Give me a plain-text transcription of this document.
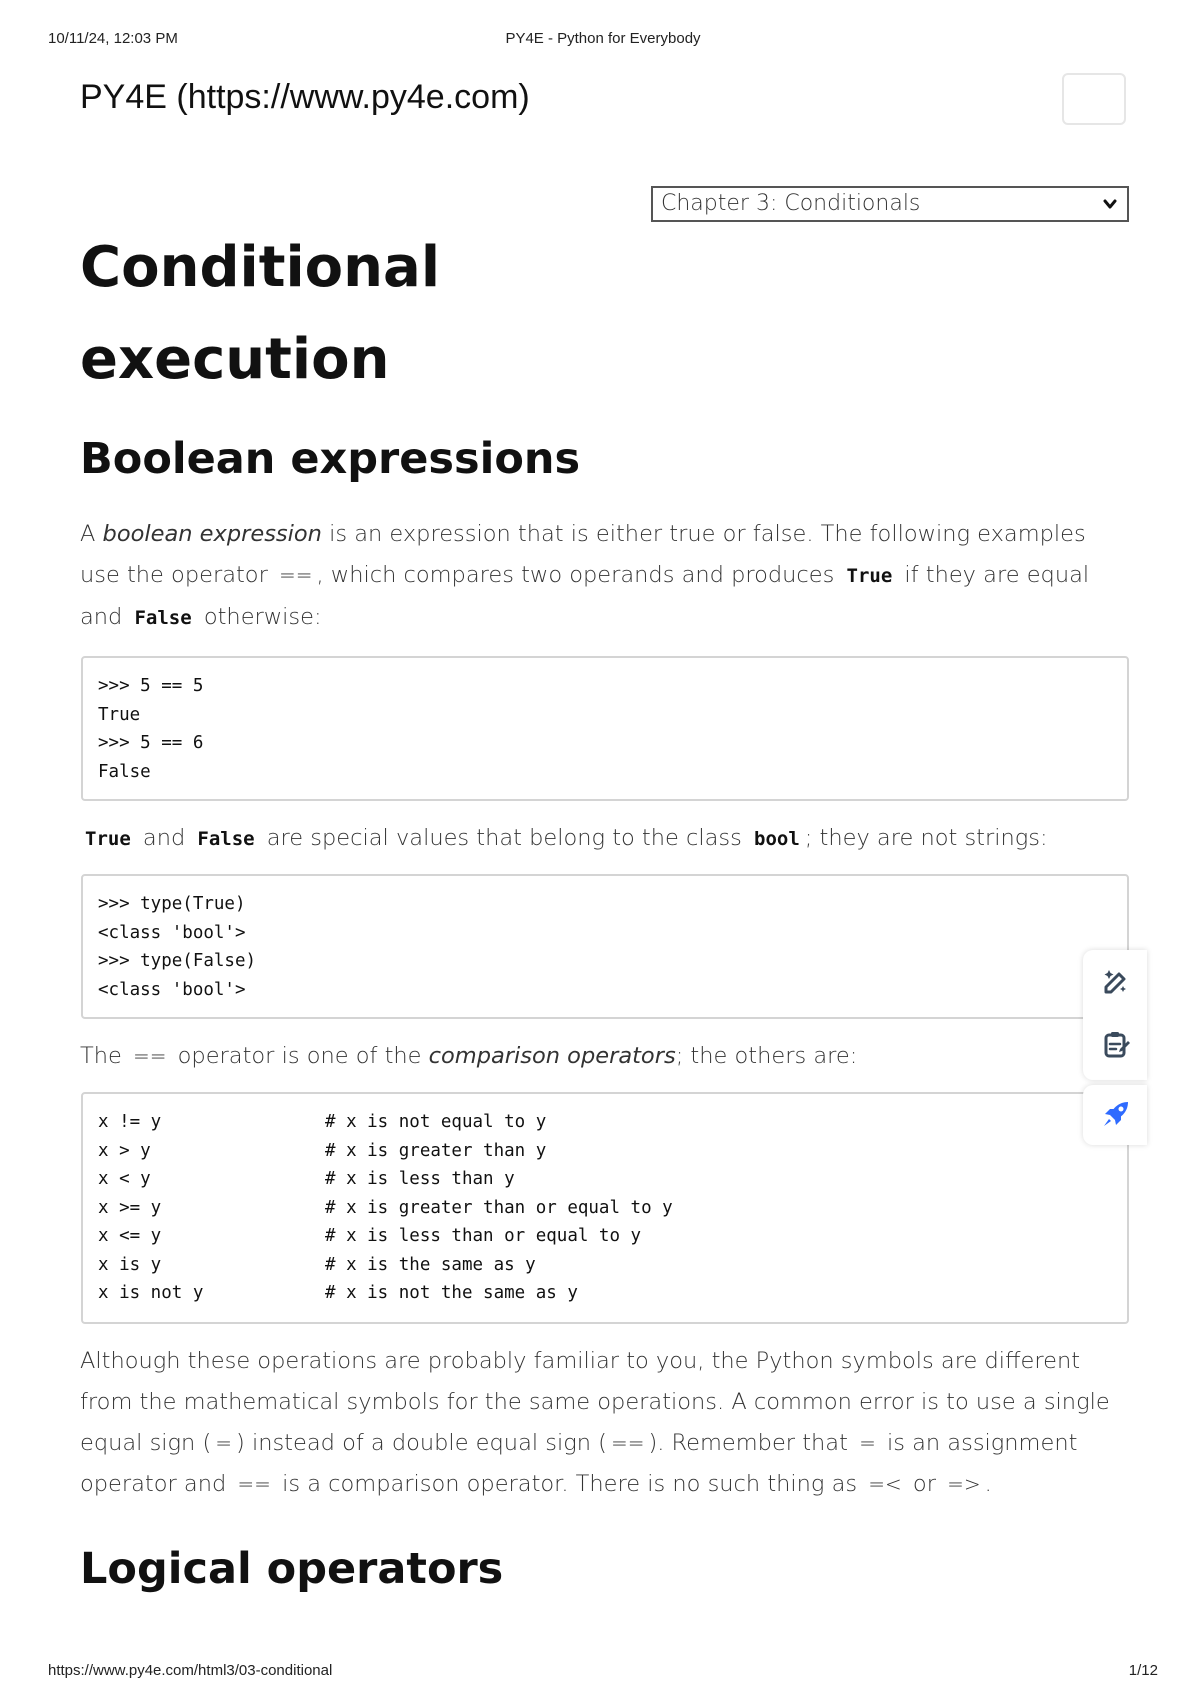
10/11/24, 12:03 PM	PY4E - Python for Everybody
PY4E (https://www.py4e.com)
Chapter 3: Conditionals
Conditional execution
Boolean expressions

A boolean expression is an expression that is either true or false. The following examples use the operator == , which compares two operands and produces True if they are equal and False otherwise:

>>> 5 == 5
True
>>> 5 == 6
False

True and False are special values that belong to the class bool ; they are not strings:

>>> type(True)
<class 'bool'>
>>> type(False)
<class 'bool'>

The == operator is one of the comparison operators; the others are:

x != y	# x is not equal to y
x > y	# x is greater than y
x < y	# x is less than y
x >= y	# x is greater than or equal to y
x <= y	# x is less than or equal to y
x is y	# x is the same as y
x is not y	# x is not the same as y

Although these operations are probably familiar to you, the Python symbols are different from the mathematical symbols for the same operations. A common error is to use a single equal sign ( = ) instead of a double equal sign ( == ). Remember that = is an assignment operator and == is a comparison operator. There is no such thing as =< or => .

Logical operators
https://www.py4e.com/html3/03-conditional	1/12
